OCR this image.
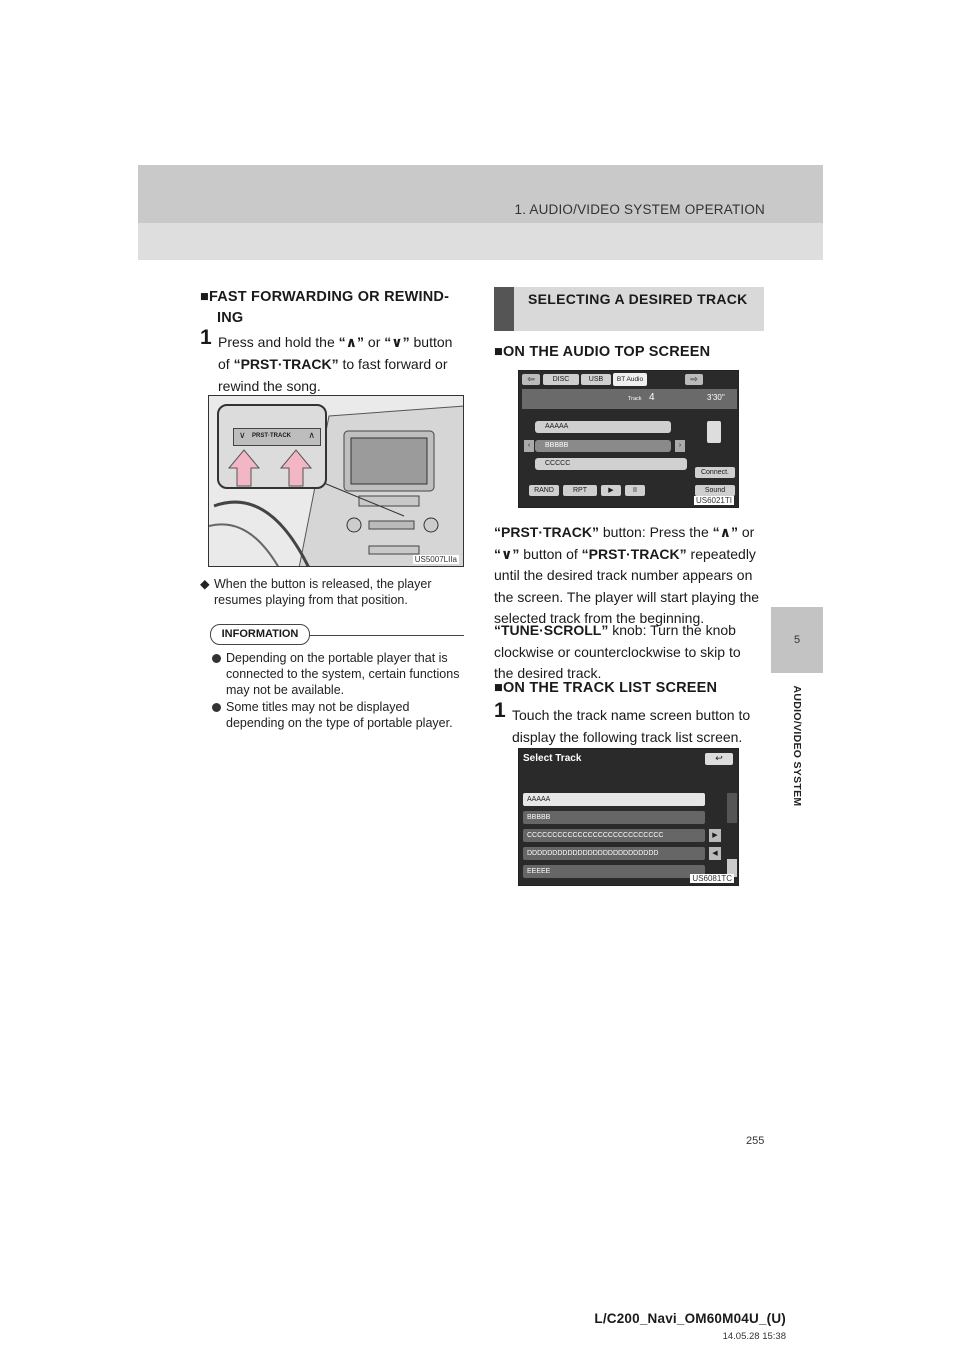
1. AUDIO/VIDEO SYSTEM OPERATION
5
AUDIO/VIDEO SYSTEM
■FAST FORWARDING OR REWIND-
ING
1 Press and hold the “∧” or “∨” button
of “PRST·TRACK” to fast forward or
rewind the song.
∨ PRST·TRACK ∧
US5007LIIa
◆ When the button is released, the player resumes playing from that position.
INFORMATION
Depending on the portable player that is connected to the system, certain functions may not be available.
Some titles may not be displayed depending on the type of portable player.
SELECTING A DESIRED TRACK
■ON THE AUDIO TOP SCREEN
⇦	DISC	USB	BT Audio	⇨
Track 4	3'30"
AAAAA
‹	BBBBB	›
CCCCC
Connect.
Sound
RAND	RPT	▶	II
US6021TI
“PRST·TRACK” button: Press the “∧” or
“∨” button of “PRST·TRACK” repeatedly
until the desired track number appears on
the screen. The player will start playing the
selected track from the beginning.
“TUNE·SCROLL” knob: Turn the knob
clockwise or counterclockwise to skip to
the desired track.
■ON THE TRACK LIST SCREEN
1 Touch the track name screen button to
display the following track list screen.
Select Track	↩
AAAAA
BBBBB
CCCCCCCCCCCCCCCCCCCCCCCCCCC
DDDDDDDDDDDDDDDDDDDDDDDDDD
EEEEE
▶
◀
US6081TC
255
L/C200_Navi_OM60M04U_(U)
14.05.28 15:38
